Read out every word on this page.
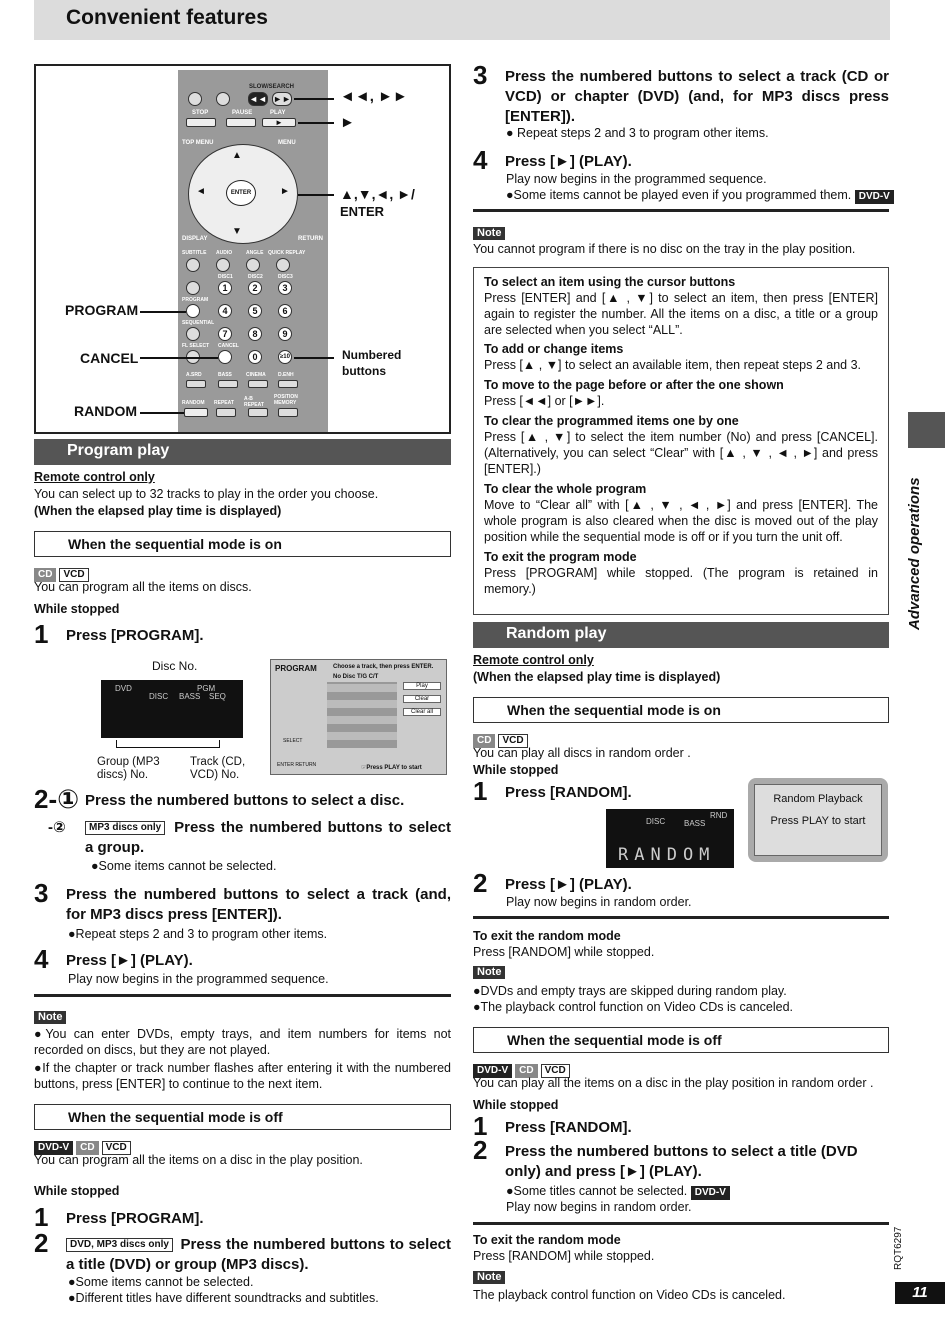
Convenient features
SLOW/SEARCH
◄◄ ►►
STOP	PAUSE	PLAY
►
TOP MENU	MENU
▲
▼
◄	►
ENTER
DISPLAY	RETURN
SUBTITLE AUDIO	ANGLE QUICK REPLAY
DISC1	DISC2	DISC3
1	2	3
PROGRAM
4	5	6
SEQUENTIAL
7	8	9
FL SELECT CANCEL
0	≥10
A.SRD	BASS	CINEMA D.ENH
RANDOM REPEAT
A-B REPEAT
POSITION MEMORY
◄◄, ►►
►
▲,▼,◄, ►/
ENTER
Numbered
buttons
PROGRAM
CANCEL
RANDOM
Program play
Remote control only
You can select up to 32 tracks to play in the order you choose.
(When the elapsed play time is displayed)
When the sequential mode is on
CD VCD
You can program all the items on discs.
While stopped
1 Press [PROGRAM].
Disc No.
DVD
DISC
PGM
BASS SEQ
Group (MP3 discs) No.
Track (CD, VCD) No.
PROGRAM	Choose a track, then press ENTER.
No Disc T/G C/T
Play
Clear
Clear all
SELECT
ENTER RETURN	☞Press PLAY to start
2-① Press the numbered buttons to select a disc.
-②	MP3 discs only Press the numbered buttons to select a group.
●Some items cannot be selected.
3 Press the numbered buttons to select a track (and, for MP3 discs press [ENTER]).
●Repeat steps 2 and 3 to program other items.
4 Press [►] (PLAY).
Play now begins in the programmed sequence.
Note
●You can enter DVDs, empty trays, and item numbers for items not recorded on discs, but they are not played.
●If the chapter or track number flashes after entering it with the numbered buttons, press [ENTER] to continue to the next item.
When the sequential mode is off
DVD-V CD VCD
You can program all the items on a disc in the play position.
While stopped
1 Press [PROGRAM].
2	DVD, MP3 discs only Press the numbered buttons to select a title (DVD) or group (MP3 discs).
●Some items cannot be selected.
●Different titles have different soundtracks and subtitles.
3 Press the numbered buttons to select a track (CD or VCD) or chapter (DVD) (and, for MP3 discs press [ENTER]).
● Repeat steps 2 and 3 to program other items.
4 Press [►] (PLAY).
Play now begins in the programmed sequence.
●Some items cannot be played even if you programmed them. DVD-V
Note
You cannot program if there is no disc on the tray in the play position.
To select an item using the cursor buttons
Press [ENTER] and [▲ , ▼] to select an item, then press [ENTER] again to register the number. All the items on a disc, a title or a group are selected when you select “ALL”.
To add or change items
Press [▲ , ▼] to select an available item, then repeat steps 2 and 3.
To move to the page before or after the one shown
Press [◄◄] or [►►].
To clear the programmed items one by one
Press [▲ , ▼] to select the item number (No) and press [CANCEL]. (Alternatively, you can select “Clear” with [▲ , ▼ , ◄ , ►] and press [ENTER].)
To clear the whole program
Move to “Clear all” with [▲ , ▼ , ◄ , ►] and press [ENTER]. The whole program is also cleared when the disc is moved out of the play position while the sequential mode is off or if you turn the unit off.
To exit the program mode
Press [PROGRAM] while stopped. (The program is retained in memory.)
Random play
Remote control only
(When the elapsed play time is displayed)
When the sequential mode is on
CD VCD
You can play all discs in random order .
While stopped
1 Press [RANDOM].
DISC BASS
RND
RANDOM
Random Playback
Press PLAY to start
2 Press [►] (PLAY).
Play now begins in random order.
To exit the random mode
Press [RANDOM] while stopped.
Note
●DVDs and empty trays are skipped during random play.
●The playback control function on Video CDs is canceled.
When the sequential mode is off
DVD-V CD VCD
You can play all the items on a disc in the play position in random order .
While stopped
1 Press [RANDOM].
2 Press the numbered buttons to select a title (DVD only) and press [►] (PLAY).
●Some titles cannot be selected. DVD-V
Play now begins in random order.
To exit the random mode
Press [RANDOM] while stopped.
Note
The playback control function on Video CDs is canceled.
Advanced operations
RQT6297
11
